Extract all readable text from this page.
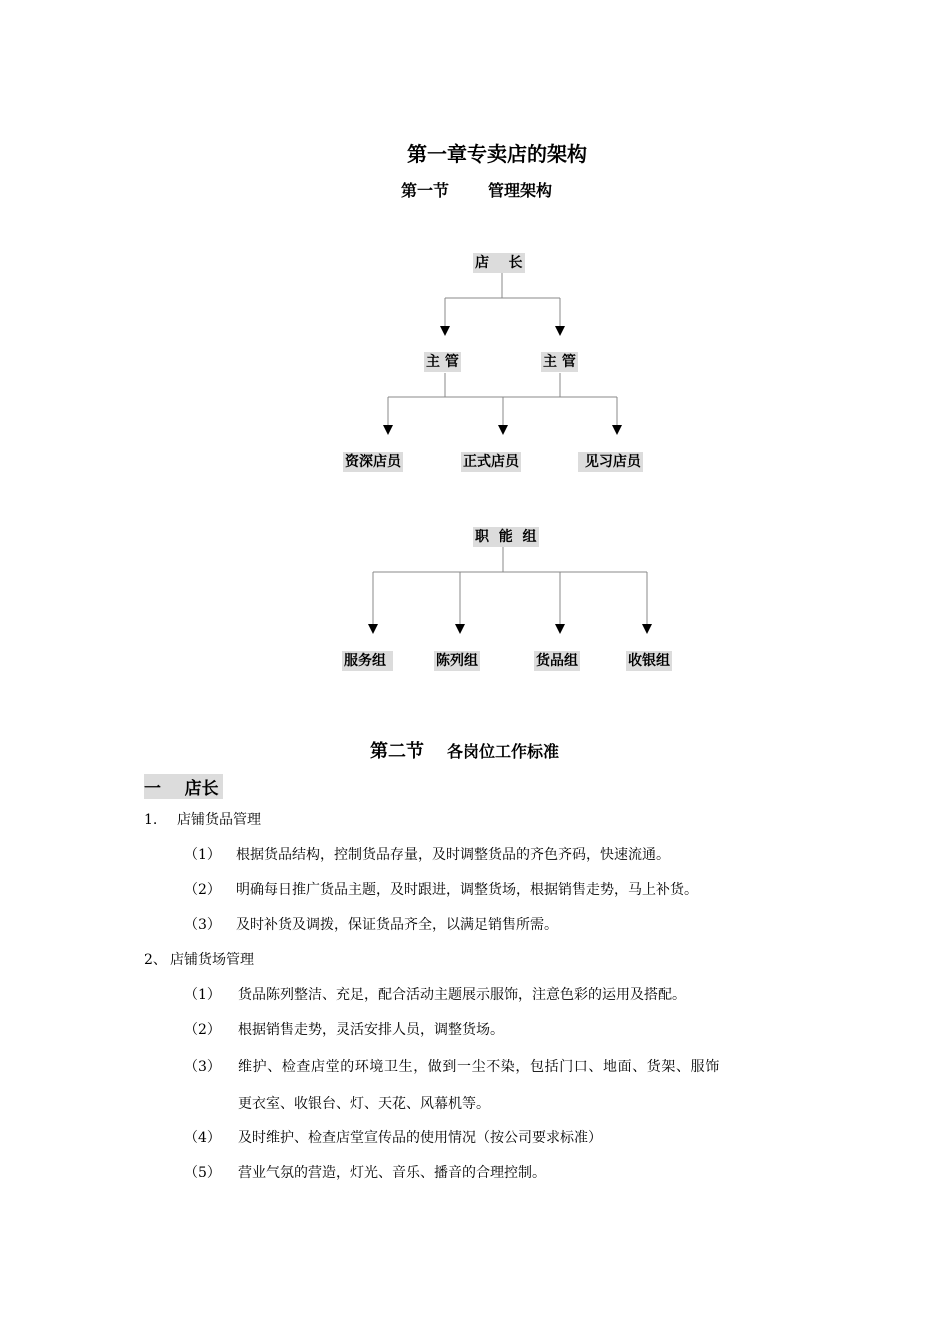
第一章专卖店的架构
第一节 管理架构
店    长
主 管	主 管
资深店员	正式店员	见习店员
职  能  组
服务组	陈列组	货品组	收银组
第二节 各岗位工作标准
一    店长
1. 店铺货品管理
（1） 根据货品结构，控制货品存量，及时调整货品的齐色齐码，快速流通。
（2） 明确每日推广货品主题，及时跟进，调整货场，根据销售走势，马上补货。
（3） 及时补货及调拨，保证货品齐全，以满足销售所需。
2、 店铺货场管理
（1） 货品陈列整洁、充足，配合活动主题展示服饰，注意色彩的运用及搭配。
（2） 根据销售走势，灵活安排人员，调整货场。
（3） 维护、检查店堂的环境卫生，做到一尘不染，包括门口、地面、货架、服饰
更衣室、收银台、灯、天花、风幕机等。
（4） 及时维护、检查店堂宣传品的使用情况（按公司要求标准）
（5） 营业气氛的营造，灯光、音乐、播音的合理控制。
